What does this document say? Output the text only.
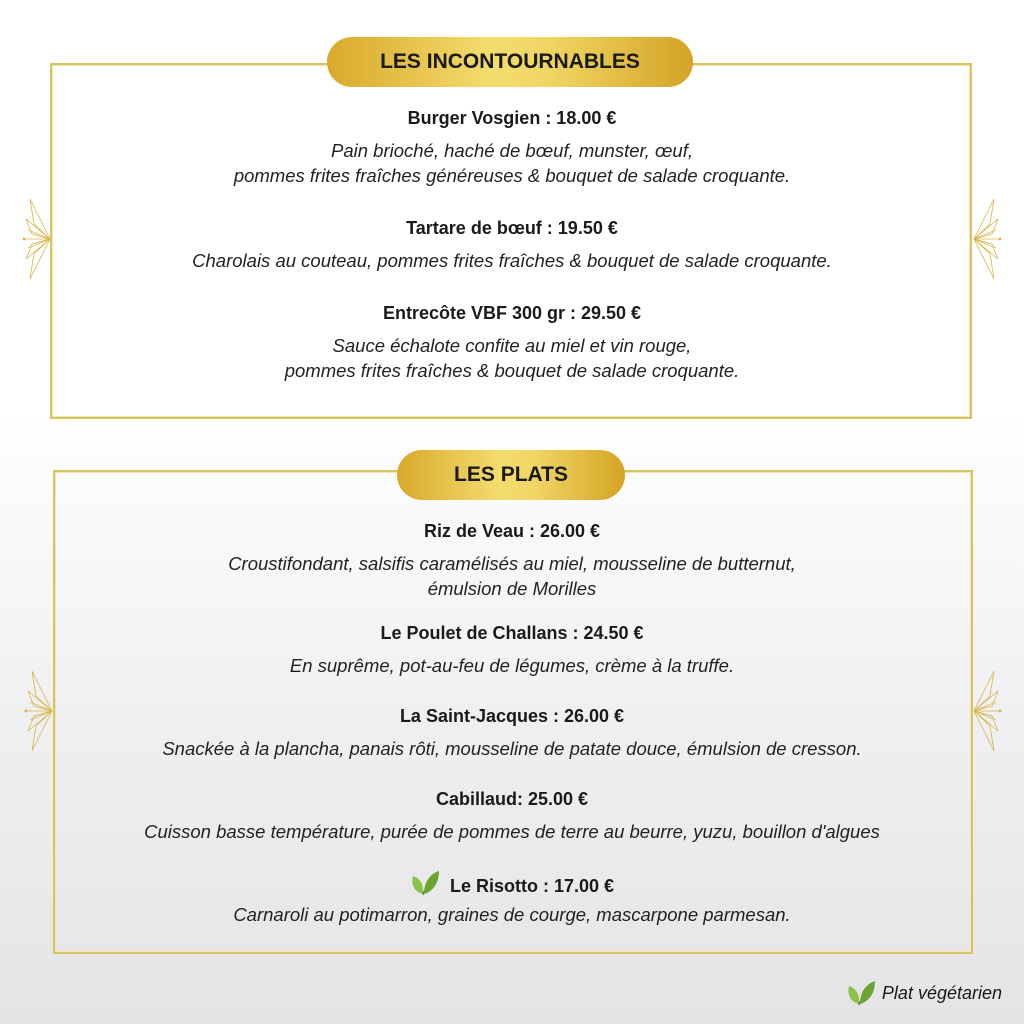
LES INCONTOURNABLES
LES PLATS
Burger Vosgien : 18.00 €
Pain brioché, haché de bœuf, munster, œuf,
pommes frites fraîches généreuses & bouquet de salade croquante.
Tartare de bœuf : 19.50 €
Charolais au couteau, pommes frites fraîches & bouquet de salade croquante.
Entrecôte VBF 300 gr : 29.50 €
Sauce échalote confite au miel et vin rouge,
pommes frites fraîches & bouquet de salade croquante.
Riz de Veau : 26.00 €
Croustifondant, salsifis caramélisés au miel, mousseline de butternut,
émulsion de Morilles
Le Poulet de Challans : 24.50 €
En suprême, pot-au-feu de légumes, crème à la truffe.
La Saint-Jacques : 26.00 €
Snackée à la plancha, panais rôti, mousseline de patate douce, émulsion de cresson.
Cabillaud: 25.00 €
Cuisson basse température, purée de pommes de terre au beurre, yuzu, bouillon d'algues
Le Risotto : 17.00 €
Carnaroli au potimarron, graines de courge, mascarpone parmesan.
Plat végétarien
